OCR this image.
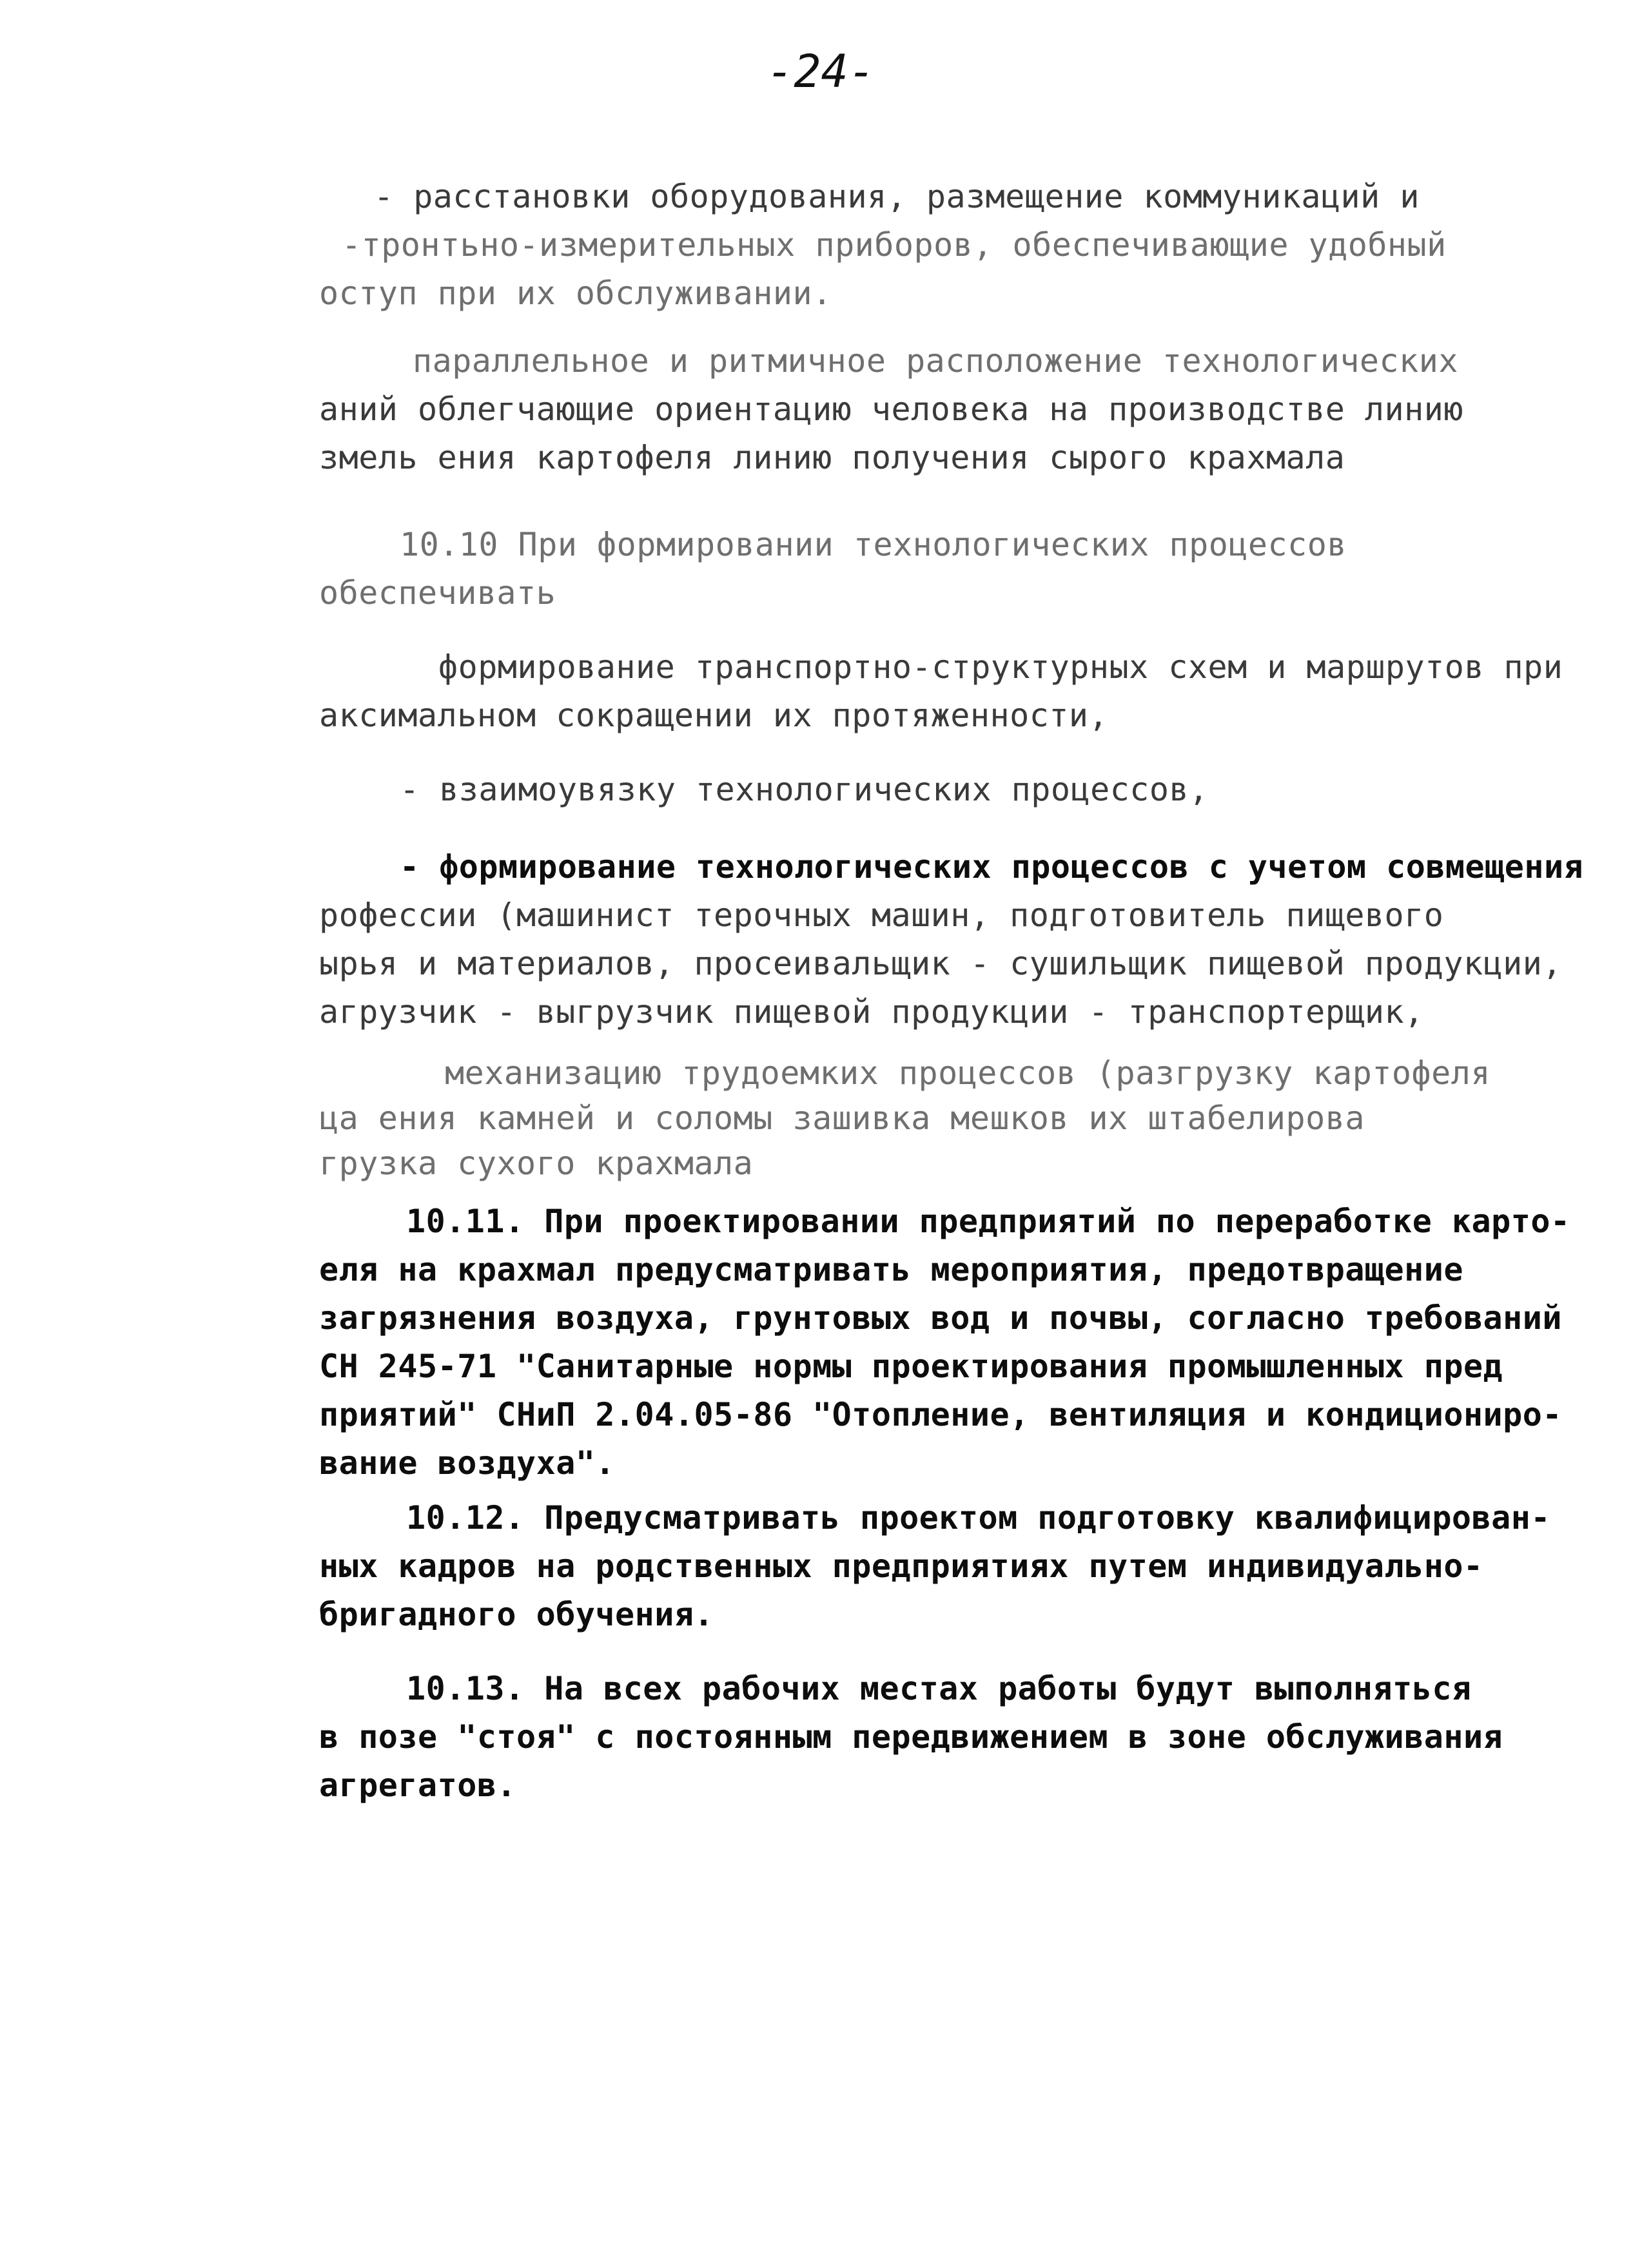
-24-
- расстановки оборудования, размещение коммуникаций и
-тронтьно-измерительных приборов, обеспечивающие удобный
оступ при их обслуживании.
параллельное и ритмичное расположение технологических
аний облегчающие ориентацию человека на производстве линию
змель ения картофеля линию получения сырого крахмала
10.10 При формировании технологических процессов
обеспечивать
формирование транспортно-структурных схем и маршрутов при
аксимальном сокращении их протяженности,
- взаимоувязку технологических процессов,
- формирование технологических процессов с учетом совмещения
рофессии (машинист терочных машин, подготовитель пищевого
ырья и материалов, просеивальщик - сушильщик пищевой продукции,
агрузчик - выгрузчик пищевой продукции - транспортерщик,
механизацию трудоемких процессов (разгрузку картофеля
ца ения камней и соломы зашивка мешков их штабелирова
грузка сухого крахмала
10.11. При проектировании предприятий по переработке карто-
еля на крахмал предусматривать мероприятия, предотвращение
загрязнения воздуха, грунтовых вод и почвы, согласно требований
СН 245-71 "Санитарные нормы проектирования промышленных пред
приятий" СНиП 2.04.05-86 "Отопление, вентиляция и кондициониро-
вание воздуха".
10.12. Предусматривать проектом подготовку квалифицирован-
ных кадров на родственных предприятиях путем индивидуально-
бригадного обучения.
10.13. На всех рабочих местах работы будут выполняться
в позе "стоя" с постоянным передвижением в зоне обслуживания
агрегатов.
